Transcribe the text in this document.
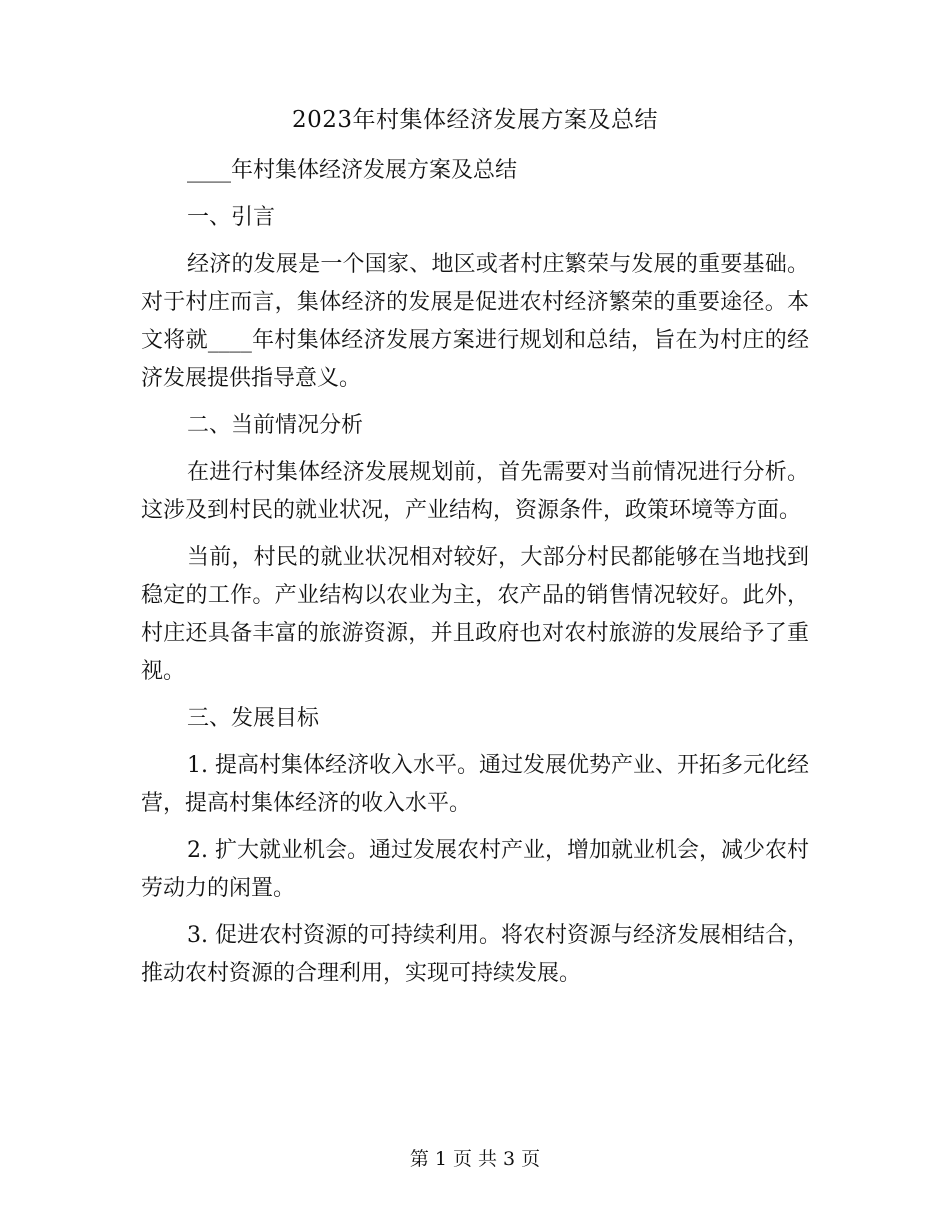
2023年村集体经济发展方案及总结

____年村集体经济发展方案及总结

一、引言

经济的发展是一个国家、地区或者村庄繁荣与发展的重要基础。对于村庄而言，集体经济的发展是促进农村经济繁荣的重要途径。本文将就____年村集体经济发展方案进行规划和总结，旨在为村庄的经济发展提供指导意义。

二、当前情况分析

在进行村集体经济发展规划前，首先需要对当前情况进行分析。这涉及到村民的就业状况，产业结构，资源条件，政策环境等方面。

当前，村民的就业状况相对较好，大部分村民都能够在当地找到稳定的工作。产业结构以农业为主，农产品的销售情况较好。此外，村庄还具备丰富的旅游资源，并且政府也对农村旅游的发展给予了重视。

三、发展目标

1. 提高村集体经济收入水平。通过发展优势产业、开拓多元化经营，提高村集体经济的收入水平。

2. 扩大就业机会。通过发展农村产业，增加就业机会，减少农村劳动力的闲置。

3. 促进农村资源的可持续利用。将农村资源与经济发展相结合，推动农村资源的合理利用，实现可持续发展。

第 1 页 共 3 页
